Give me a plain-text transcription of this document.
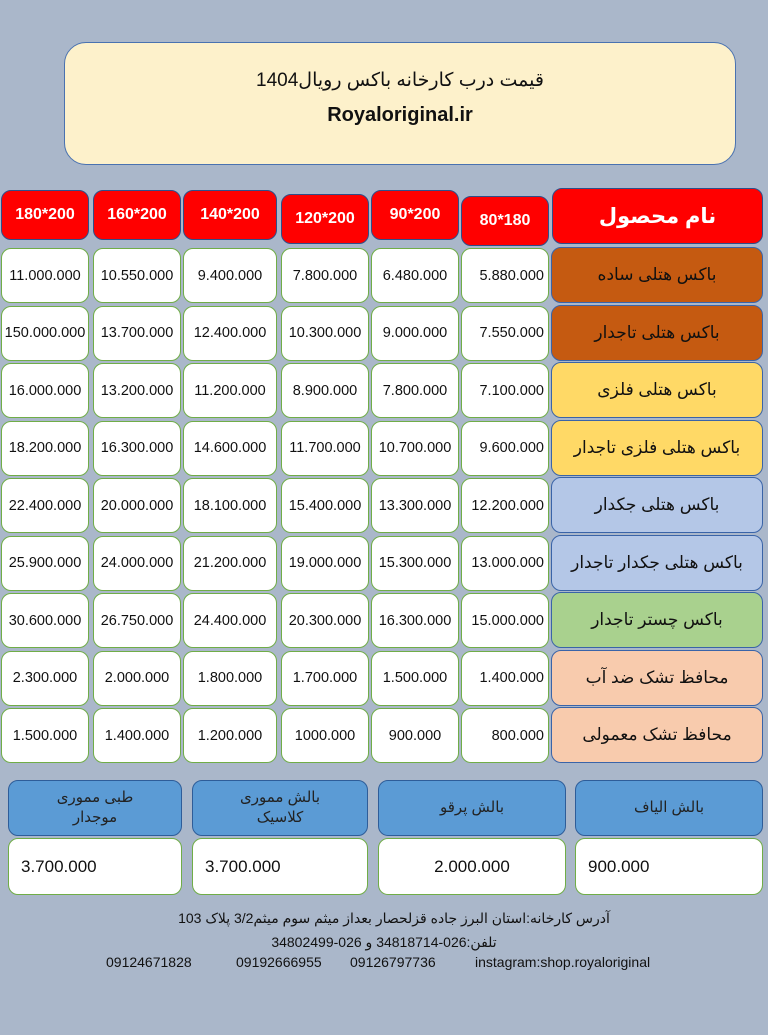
قیمت درب کارخانه باکس رویال1404
Royaloriginal.ir
نام محصول
80*180
90*200
120*200
140*200
160*200
180*200
باکس هتلی ساده
5.880.000
6.480.000
7.800.000
9.400.000
10.550.000
11.000.000
باکس هتلی تاجدار
7.550.000
9.000.000
10.300.000
12.400.000
13.700.000
150.000.000
باکس هتلی فلزی
7.100.000
7.800.000
8.900.000
11.200.000
13.200.000
16.000.000
باکس هتلی فلزی تاجدار
9.600.000
10.700.000
11.700.000
14.600.000
16.300.000
18.200.000
باکس هتلی جکدار
12.200.000
13.300.000
15.400.000
18.100.000
20.000.000
22.400.000
باکس هتلی جکدار تاجدار
13.000.000
15.300.000
19.000.000
21.200.000
24.000.000
25.900.000
باکس چستر تاجدار
15.000.000
16.300.000
20.300.000
24.400.000
26.750.000
30.600.000
محافظ تشک ضد آب
1.400.000
1.500.000
1.700.000
1.800.000
2.000.000
2.300.000
محافظ تشک معمولی
800.000
900.000
1000.000
1.200.000
1.400.000
1.500.000
بالش الیاف
900.000
بالش پرقو
2.000.000
بالش مموری
کلاسیک
3.700.000
طبی مموری
موجدار
3.700.000
آدرس کارخانه:استان البرز جاده قزلحصار بعداز میثم سوم میثم3/2 پلاک 103
تلفن:026-34818714 و 026-34802499
instagram:shop.royaloriginal
09126797736
09192666955
09124671828
